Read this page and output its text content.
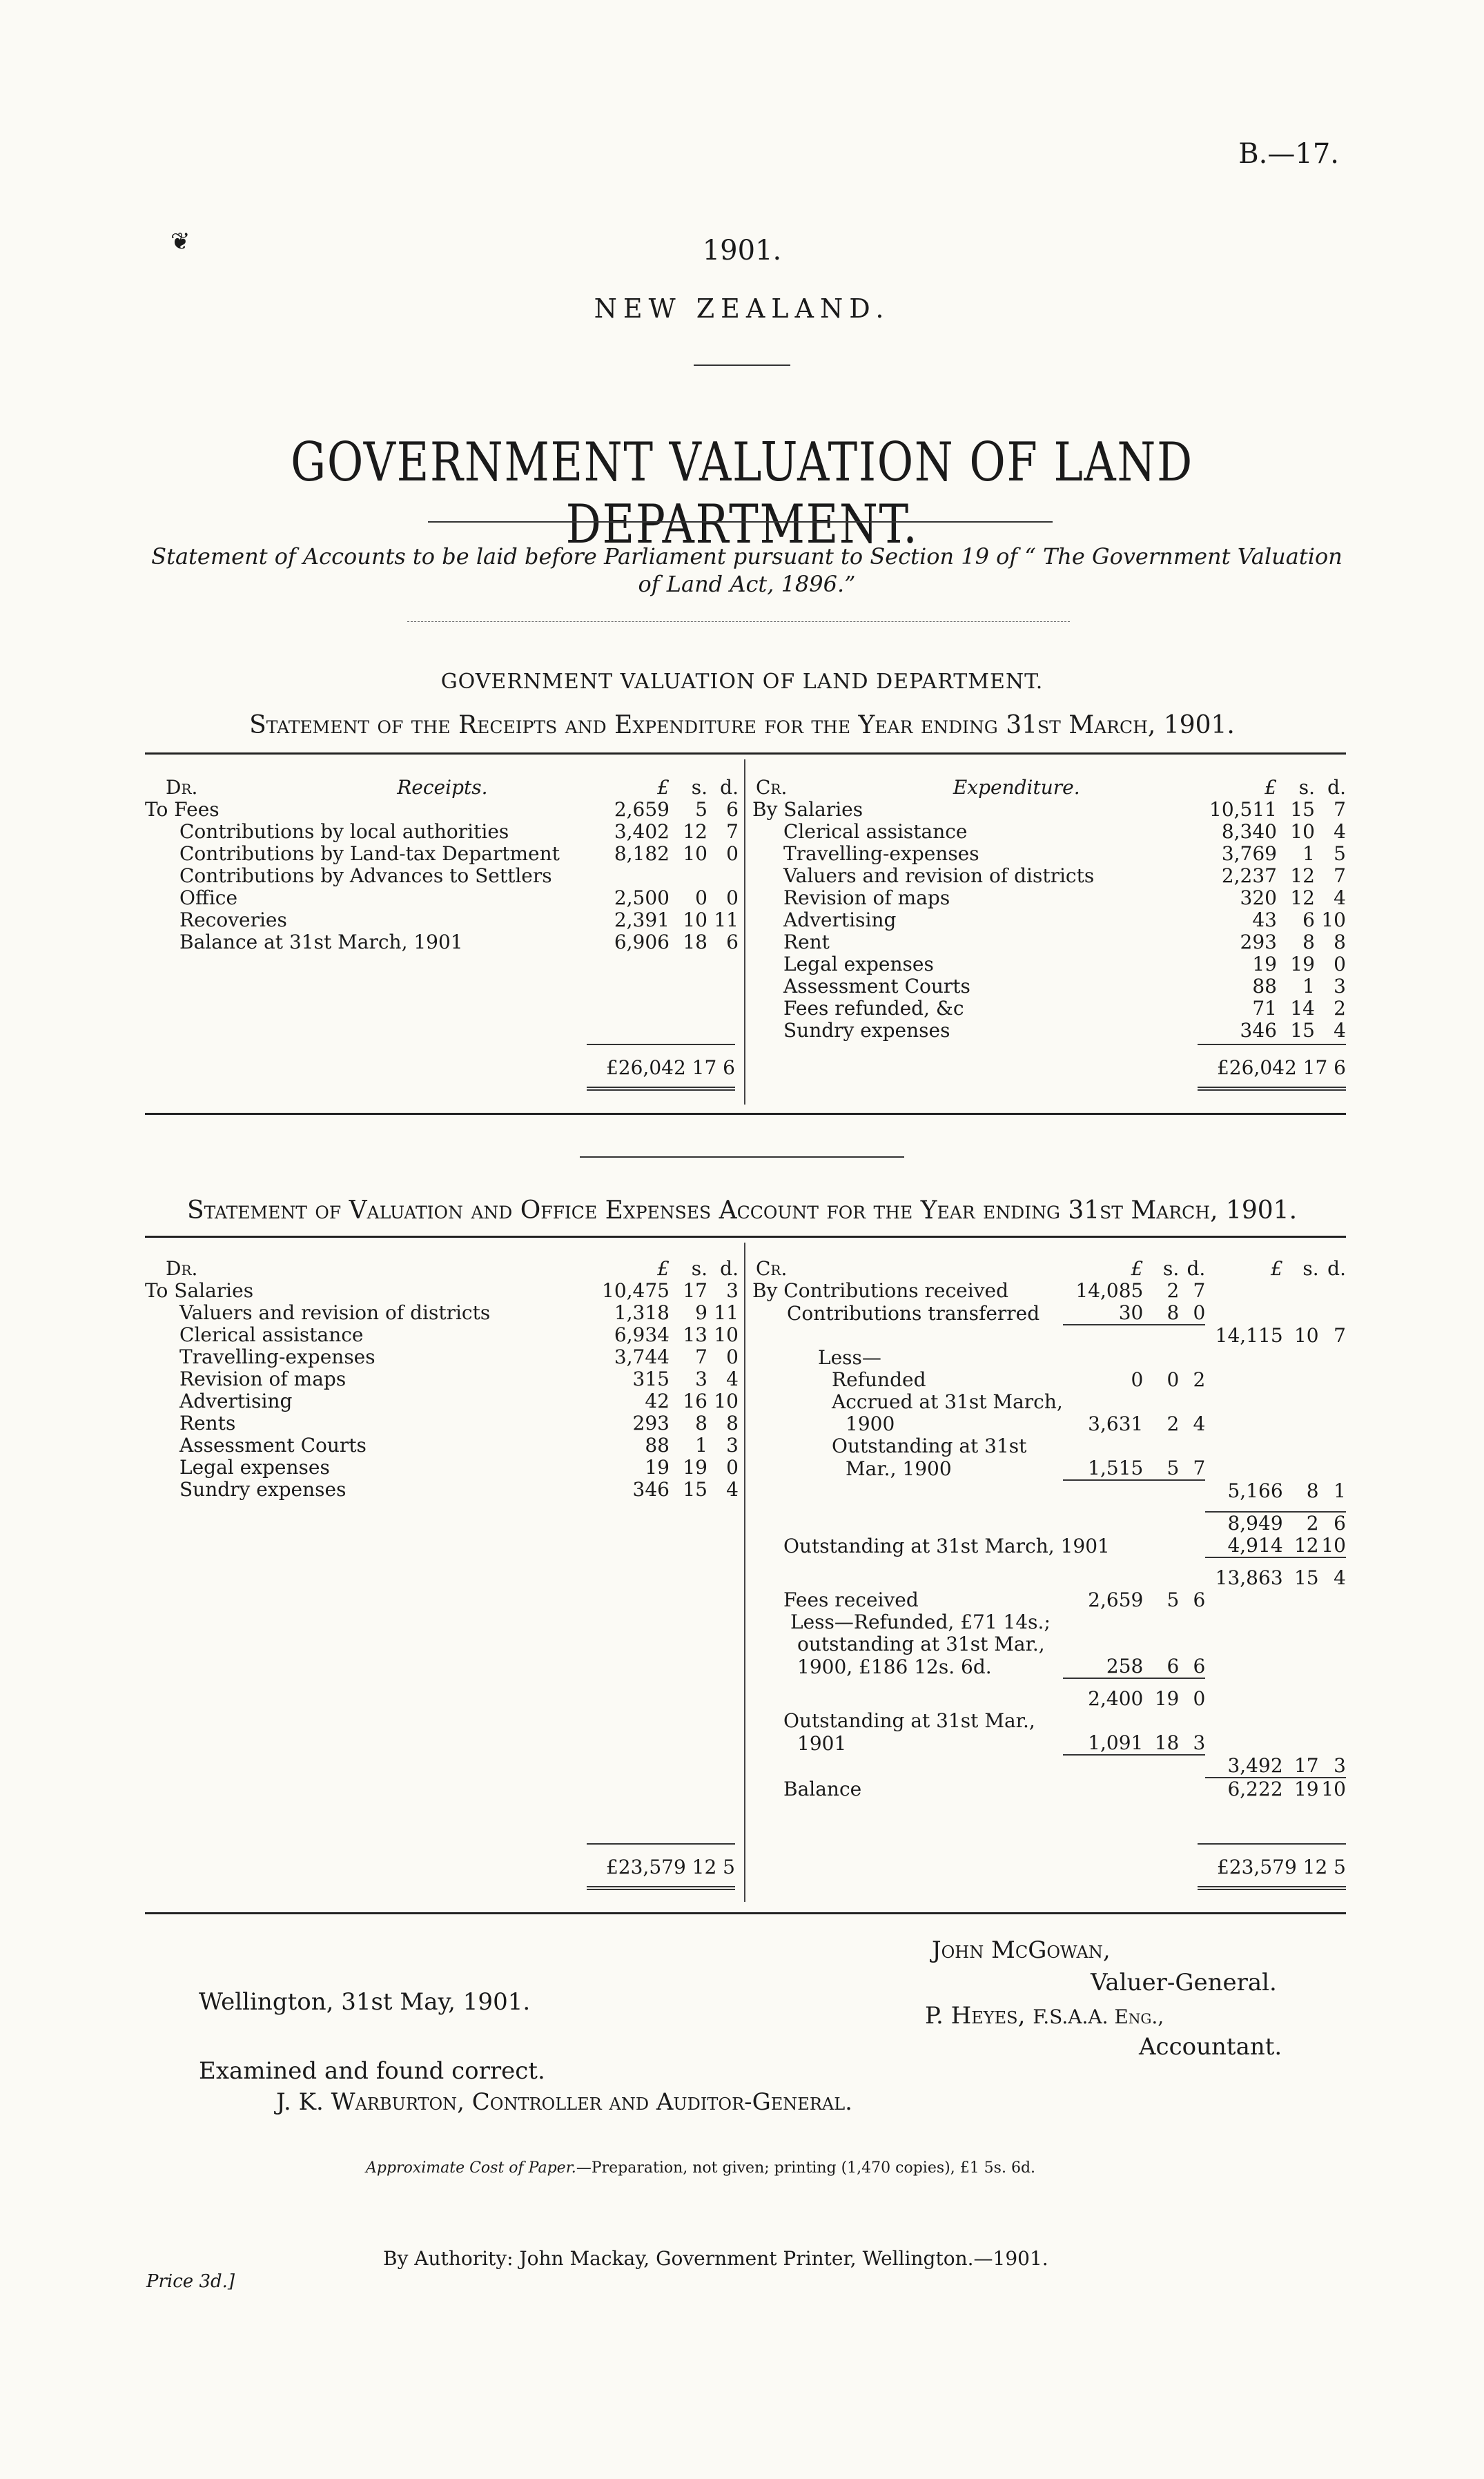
B.—17.
❦	1901.
NEW ZEALAND.
GOVERNMENT VALUATION OF LAND DEPARTMENT.
Statement of Accounts to be laid before Parliament pursuant to Section 19 of “ The Government Valuation of Land Act, 1896.”
GOVERNMENT VALUATION OF LAND DEPARTMENT.
Statement of the Receipts and Expenditure for the Year ending 31st March, 1901.
Dr.	Receipts.	£	s.	d.
To Fees		2,659	5	6
Contributions by local authorities		3,402	12	7
Contributions by Land-tax Department		8,182	10	0
Contributions by Advances to Settlers Office		2,500	0	0
Recoveries		2,391	10	11
Balance at 31st March, 1901		6,906	18	6
£26,042 17 6
Cr.	Expenditure.	£	s.	d.
By Salaries		10,511	15	7
Clerical assistance		8,340	10	4
Travelling-expenses		3,769	1	5
Valuers and revision of districts		2,237	12	7
Revision of maps		320	12	4
Advertising		43	6	10
Rent		293	8	8
Legal expenses		19	19	0
Assessment Courts		88	1	3
Fees refunded, &c		71	14	2
Sundry expenses		346	15	4
£26,042 17 6
Statement of Valuation and Office Expenses Account for the Year ending 31st March, 1901.
Dr.		£	s.	d.
To Salaries	10,475	17	3
Valuers and revision of districts	1,318	9	11
Clerical assistance	6,934	13	10
Travelling-expenses	3,744	7	0
Revision of maps	315	3	4
Advertising	42	16	10
Rents	293	8	8
Assessment Courts	88	1	3
Legal expenses	19	19	0
Sundry expenses	346	15	4
£23,579 12 5
Cr.	£	s.	d.	£	s.	d.
By Contributions received	14,085	2	7			
Contributions transferred	30	8	0			
				14,115	10	7
Less—						
Refunded	0	0	2			
Accrued at 31st March,						
1900	3,631	2	4			
Outstanding at 31st						
Mar., 1900	1,515	5	7			
				5,166	8	1

				8,949	2	6
Outstanding at 31st March, 1901				4,914	12	10

				13,863	15	4
Fees received	2,659	5	6			
Less—Refunded, £71 14s.;						
outstanding at 31st Mar.,						
1900, £186 12s. 6d.	258	6	6			

	2,400	19	0			
Outstanding at 31st Mar.,						
1901	1,091	18	3			
				3,492	17	3
Balance				6,222	19	10
£23,579 12 5
John McGowan,
Valuer-General.
Wellington, 31st May, 1901.	P. Heyes, F.S.A.A. Eng.,
Accountant.
Examined and found correct.
J. K. Warburton, Controller and Auditor-General.
Approximate Cost of Paper.—Preparation, not given; printing (1,470 copies), £1 5s. 6d.
Price 3d.]
By Authority: John Mackay, Government Printer, Wellington.—1901.
